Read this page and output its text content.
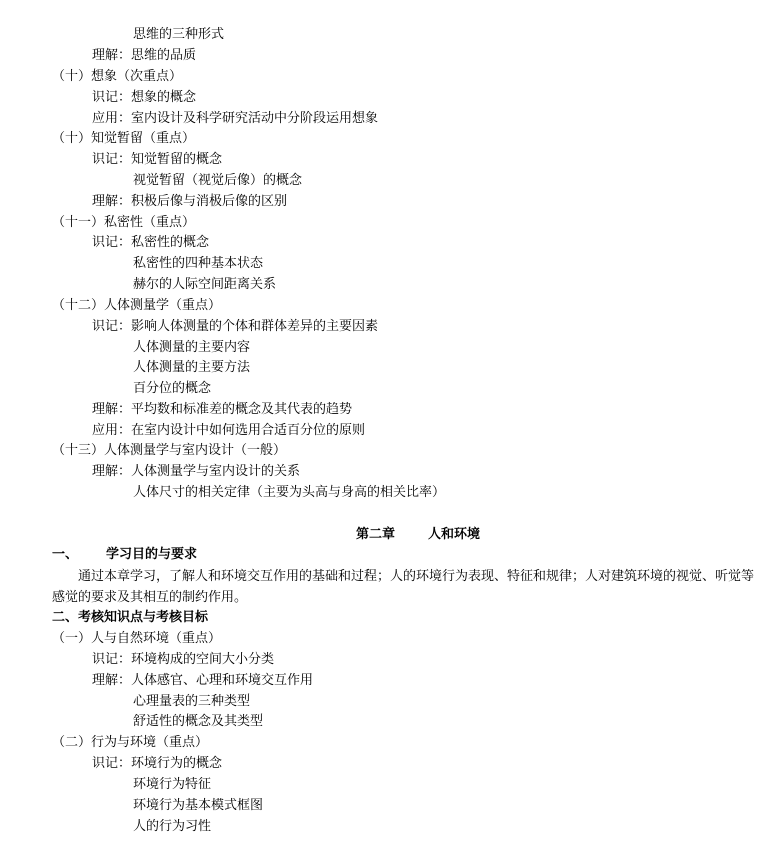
思维的三种形式
理解：思维的品质
（十）想象（次重点）
识记：想象的概念
应用：室内设计及科学研究活动中分阶段运用想象
（十）知觉暂留（重点）
识记：知觉暂留的概念
视觉暂留（视觉后像）的概念
理解：积极后像与消极后像的区别
（十一）私密性（重点）
识记：私密性的概念
私密性的四种基本状态
赫尔的人际空间距离关系
（十二）人体测量学（重点）
识记：影响人体测量的个体和群体差异的主要因素
人体测量的主要内容
人体测量的主要方法
百分位的概念
理解：平均数和标准差的概念及其代表的趋势
应用：在室内设计中如何选用合适百分位的原则
（十三）人体测量学与室内设计（一般）
理解：人体测量学与室内设计的关系
人体尺寸的相关定律（主要为头高与身高的相关比率）
第二章	人和环境
一、 学习目的与要求
通过本章学习，了解人和环境交互作用的基础和过程；人的环境行为表现、特征和规律；人对建筑环境的视觉、听觉等感觉的要求及其相互的制约作用。
二、考核知识点与考核目标
（一）人与自然环境（重点）
识记：环境构成的空间大小分类
理解：人体感官、心理和环境交互作用
心理量表的三种类型
舒适性的概念及其类型
（二）行为与环境（重点）
识记：环境行为的概念
环境行为特征
环境行为基本模式框图
人的行为习性
